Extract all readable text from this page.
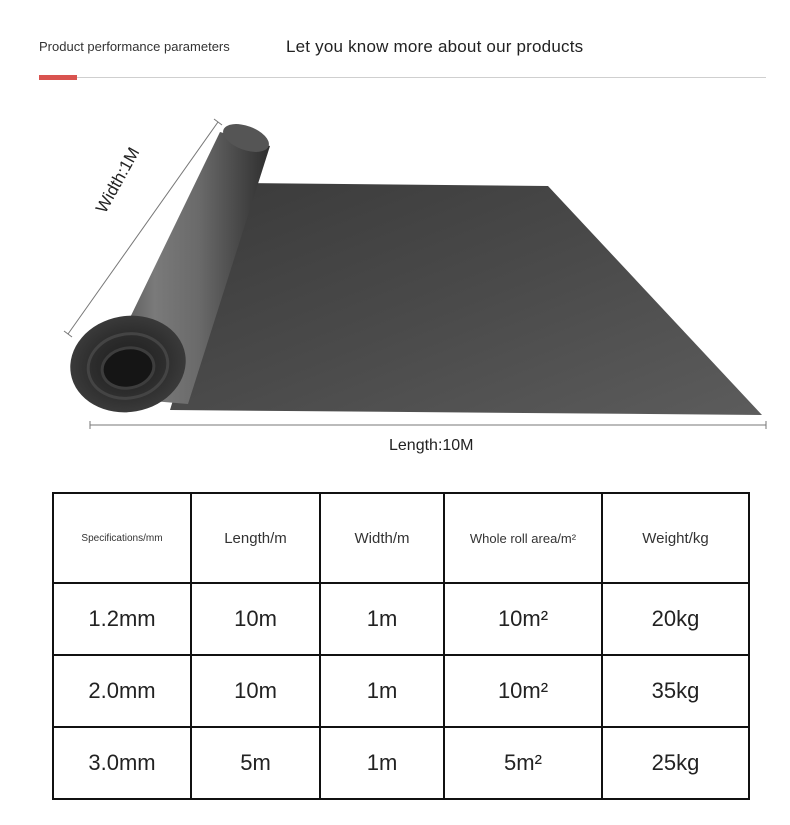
Product performance parameters	Let you know more about our products
Width:1M
Length:10M
Specifications/mm	Length/m	Width/m	Whole roll area/m²	Weight/kg
1.2mm	10m	1m	10m²	20kg
2.0mm	10m	1m	10m²	35kg
3.0mm	5m	1m	5m²	25kg
